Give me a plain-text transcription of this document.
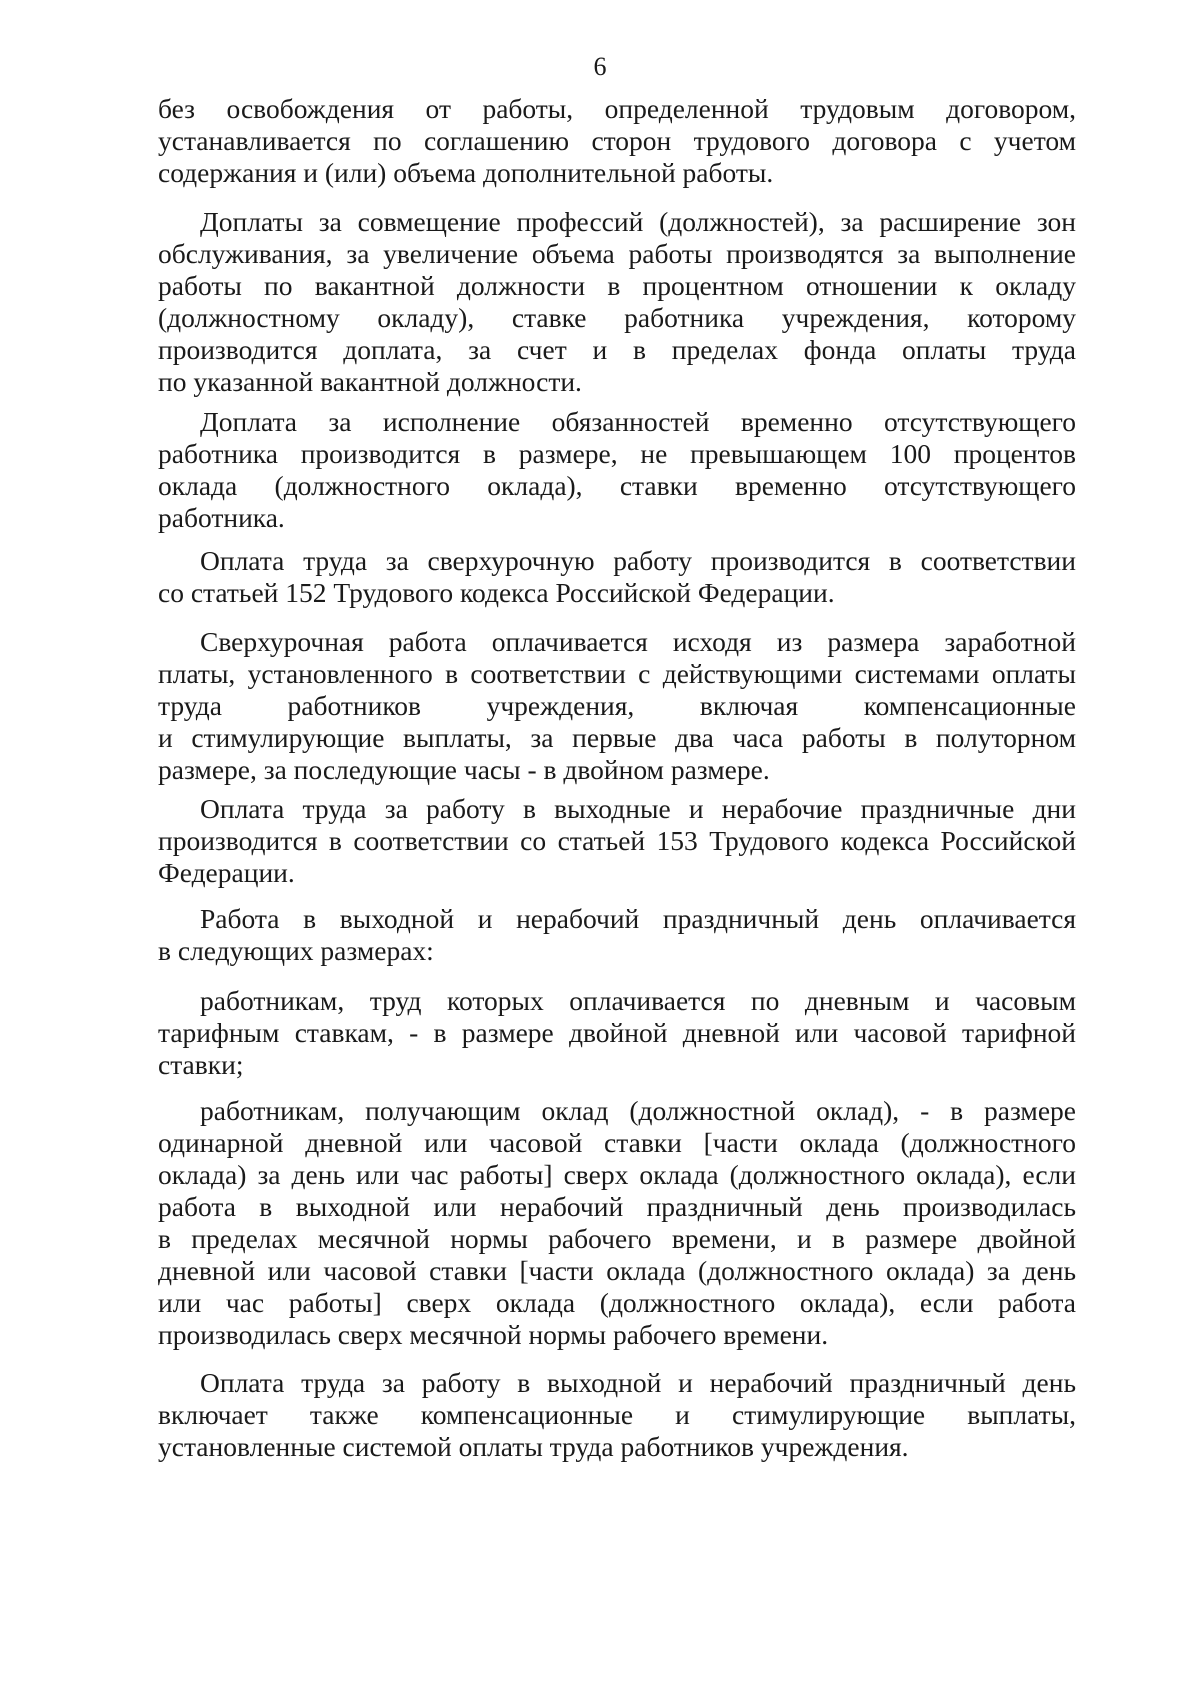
6
без освобождения от работы, определенной трудовым договором,
устанавливается по соглашению сторон трудового договора с учетом
содержания и (или) объема дополнительной работы.
Доплаты за совмещение профессий (должностей), за расширение зон
обслуживания, за увеличение объема работы производятся за выполнение
работы по вакантной должности в процентном отношении к окладу
(должностному окладу), ставке работника учреждения, которому
производится доплата, за счет и в пределах фонда оплаты труда
по указанной вакантной должности.
Доплата за исполнение обязанностей временно отсутствующего
работника производится в размере, не превышающем 100 процентов
оклада (должностного оклада), ставки временно отсутствующего
работника.
Оплата труда за сверхурочную работу производится в соответствии
со статьей 152 Трудового кодекса Российской Федерации.
Сверхурочная работа оплачивается исходя из размера заработной
платы, установленного в соответствии с действующими системами оплаты
труда работников учреждения, включая компенсационные
и стимулирующие выплаты, за первые два часа работы в полуторном
размере, за последующие часы - в двойном размере.
Оплата труда за работу в выходные и нерабочие праздничные дни
производится в соответствии со статьей 153 Трудового кодекса Российской
Федерации.
Работа в выходной и нерабочий праздничный день оплачивается
в следующих размерах:
работникам, труд которых оплачивается по дневным и часовым
тарифным ставкам, - в размере двойной дневной или часовой тарифной
ставки;
работникам, получающим оклад (должностной оклад), - в размере
одинарной дневной или часовой ставки [части оклада (должностного
оклада) за день или час работы] сверх оклада (должностного оклада), если
работа в выходной или нерабочий праздничный день производилась
в пределах месячной нормы рабочего времени, и в размере двойной
дневной или часовой ставки [части оклада (должностного оклада) за день
или час работы] сверх оклада (должностного оклада), если работа
производилась сверх месячной нормы рабочего времени.
Оплата труда за работу в выходной и нерабочий праздничный день
включает также компенсационные и стимулирующие выплаты,
установленные системой оплаты труда работников учреждения.
